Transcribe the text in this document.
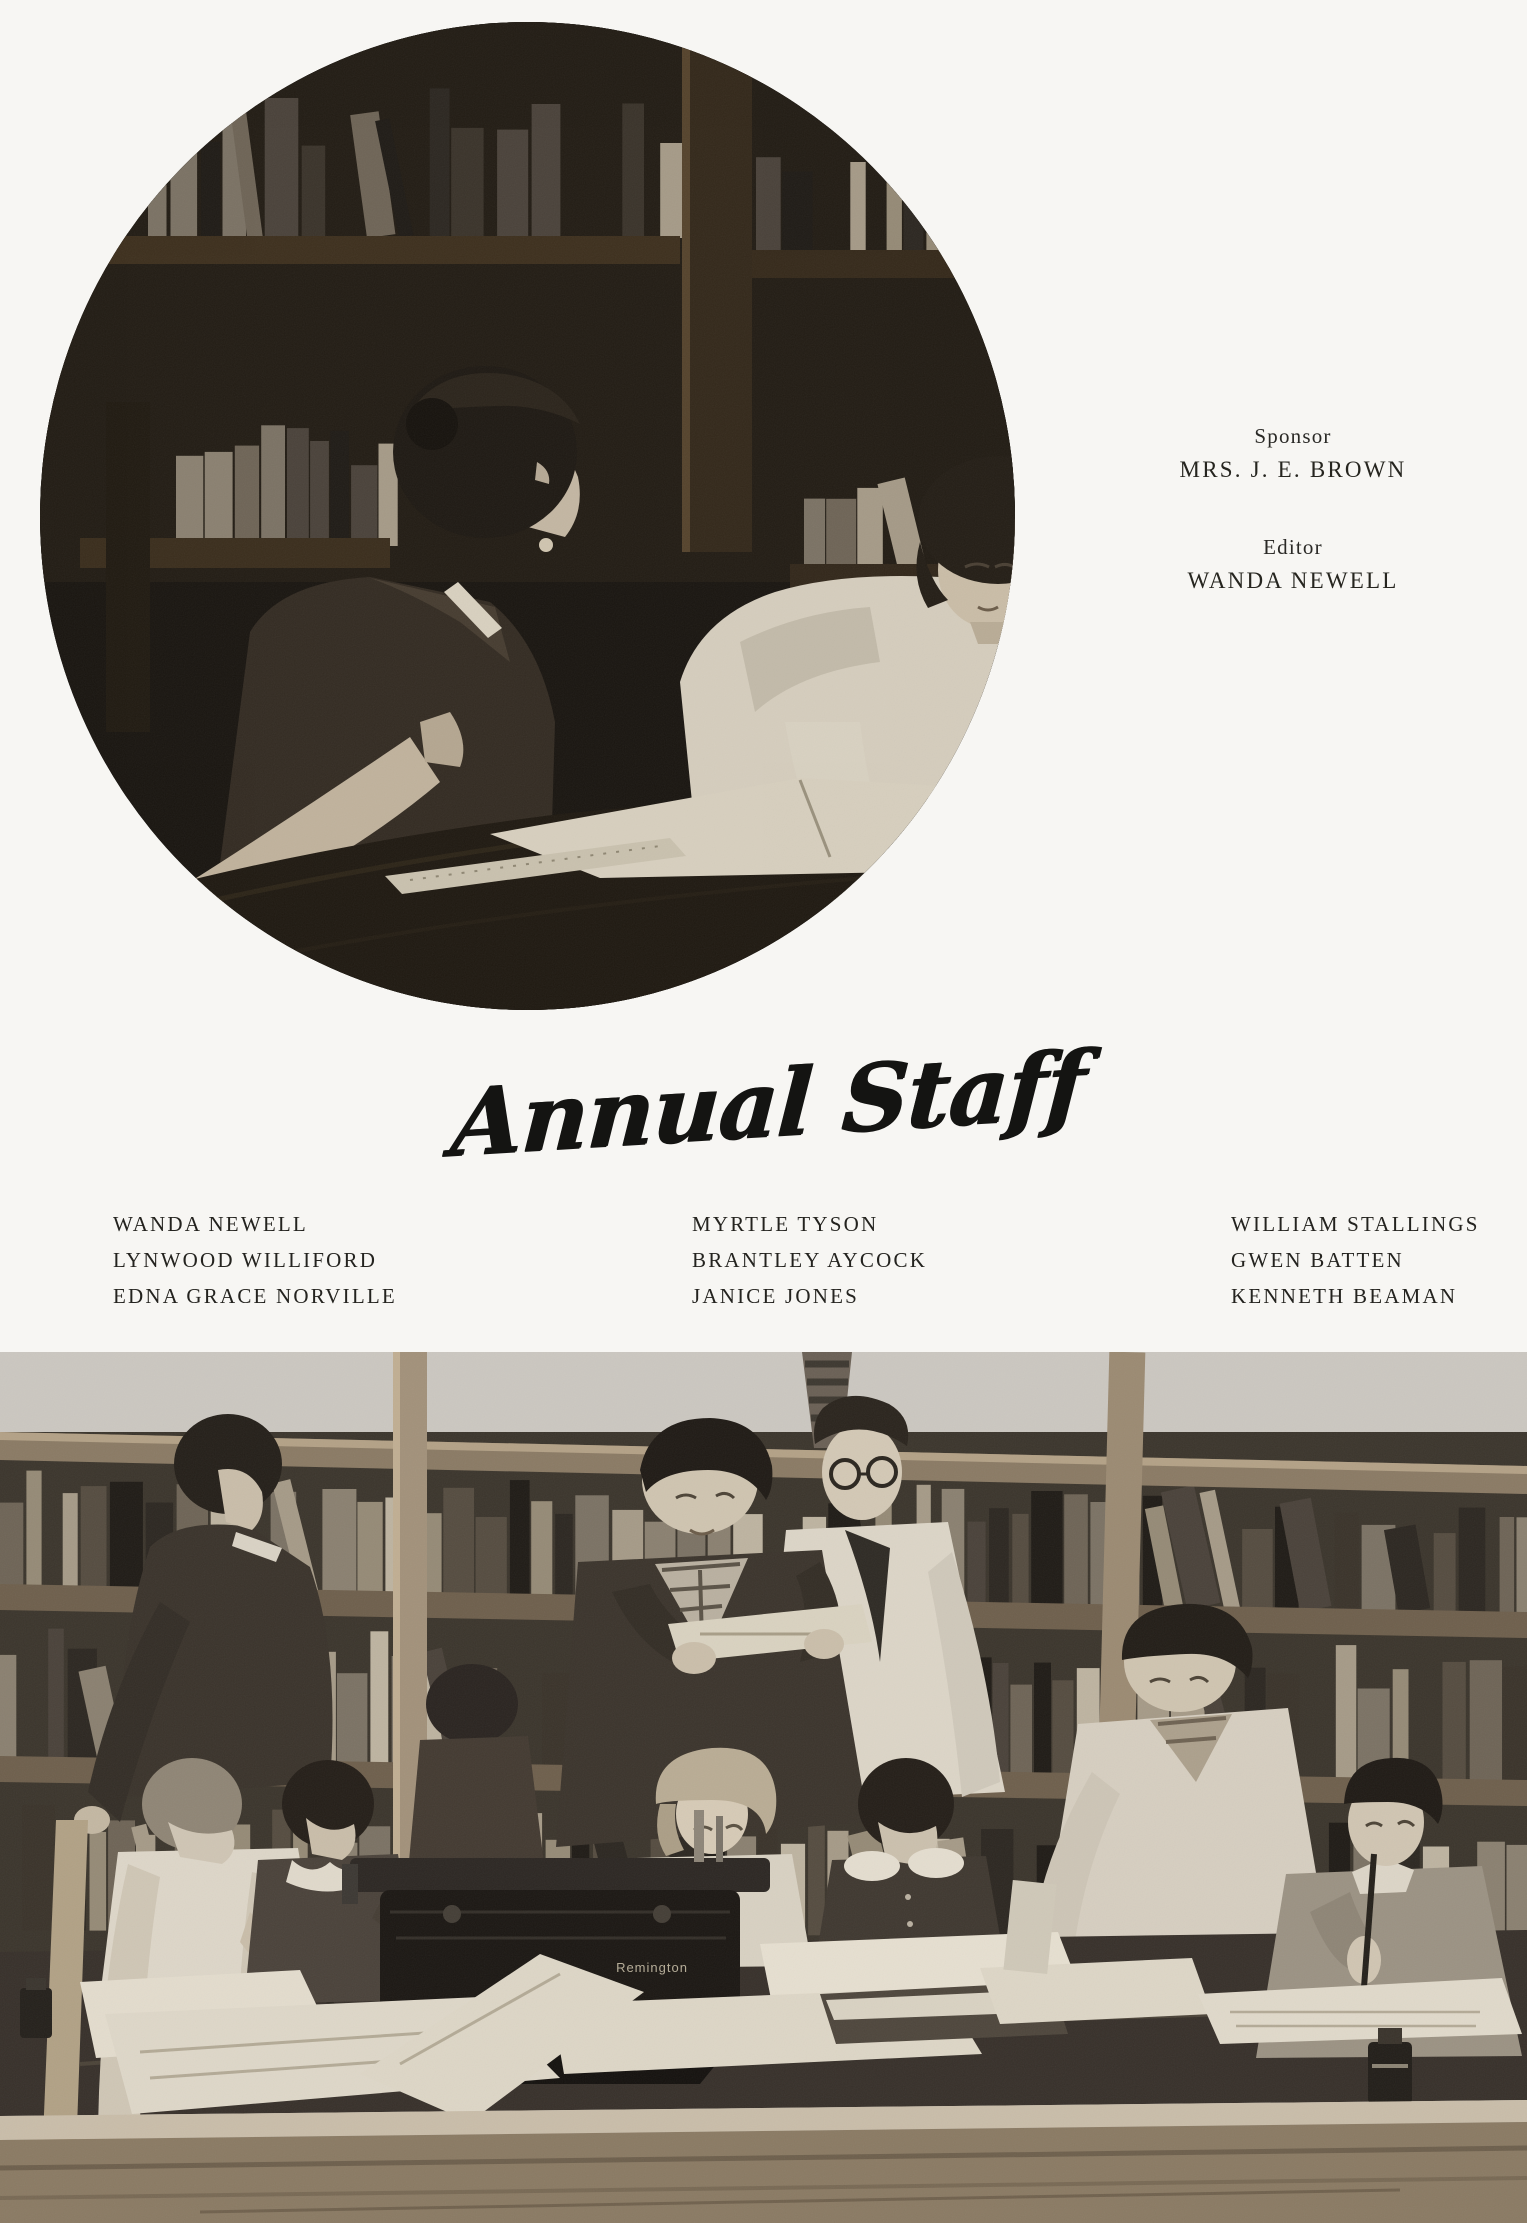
Sponsor
MRS. J. E. BROWN
Editor
WANDA NEWELL
Annual Staff
WANDA NEWELL
LYNWOOD WILLIFORD
EDNA GRACE NORVILLE
MYRTLE TYSON
BRANTLEY AYCOCK
JANICE JONES
WILLIAM STALLINGS
GWEN BATTEN
KENNETH BEAMAN
Remington
